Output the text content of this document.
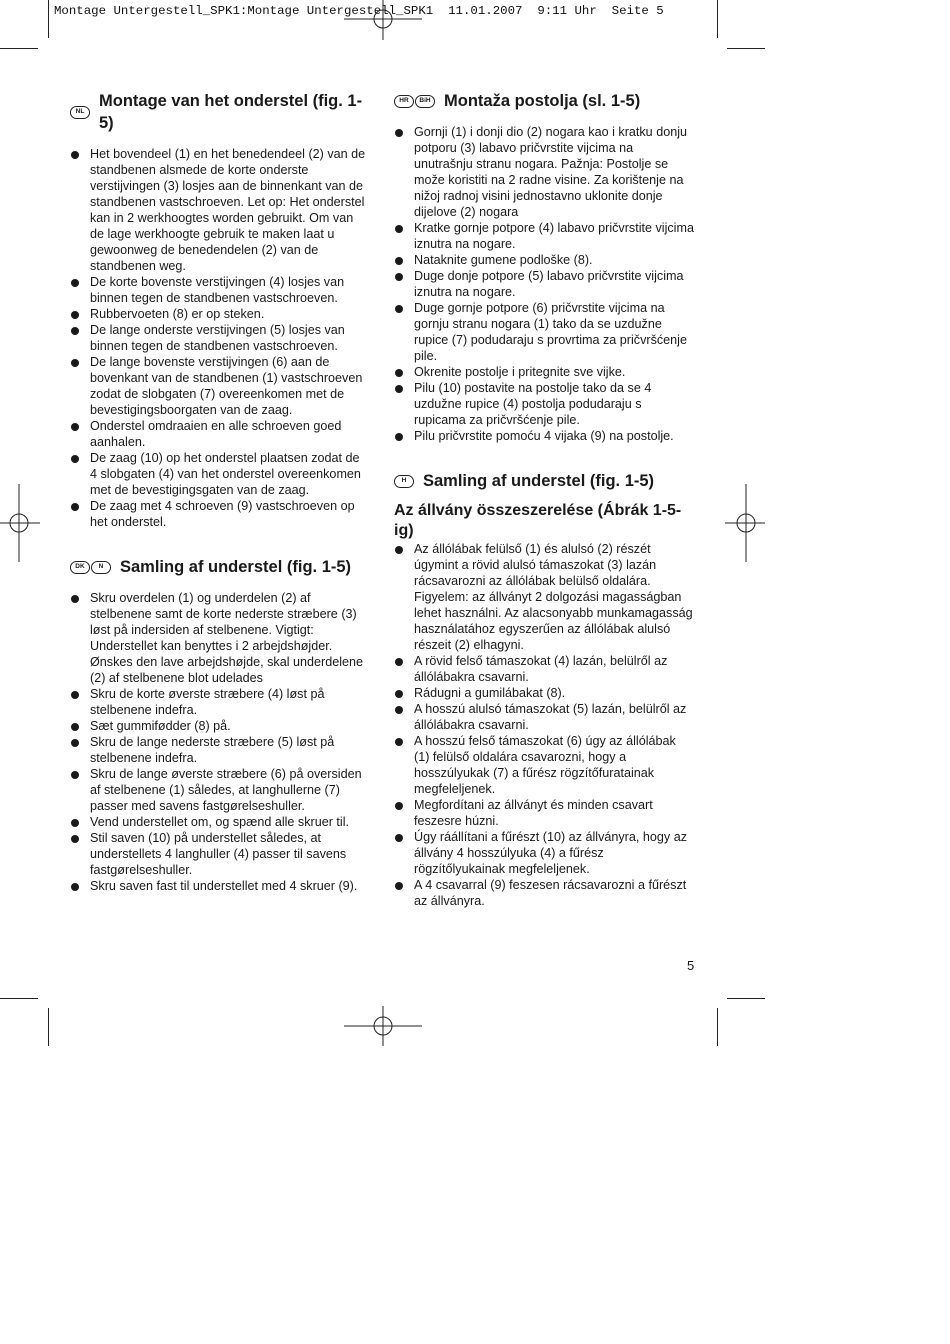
Montage Untergestell_SPK1:Montage Untergestell_SPK1  11.01.2007  9:11 Uhr  Seite 5
NL
Montage van het onderstel (fig. 1-5)
Het bovendeel (1) en het benedendeel (2) van de standbenen alsmede de korte onderste verstijvingen (3) losjes aan de binnenkant van de standbenen vastschroeven. Let op: Het onderstel kan in 2 werkhoogtes worden gebruikt. Om van de lage werkhoogte gebruik te maken laat u gewoonweg de benedendelen (2) van de standbenen weg.
De korte bovenste verstijvingen (4) losjes van binnen tegen de standbenen vastschroeven.
Rubbervoeten (8) er op steken.
De lange onderste verstijvingen (5) losjes van binnen tegen de standbenen vastschroeven.
De lange bovenste verstijvingen (6) aan de bovenkant van de standbenen (1) vastschroeven zodat de slobgaten (7) overeenkomen met de bevestigingsboorgaten van de zaag.
Onderstel omdraaien en alle schroeven goed aanhalen.
De zaag (10) op het onderstel plaatsen zodat de 4 slobgaten (4) van het onderstel overeenkomen met de bevestigingsgaten van de zaag.
De zaag met 4 schroeven (9) vastschroeven op het onderstel.
DK	N	Samling af understel (fig. 1-5)
Skru overdelen (1) og underdelen (2) af stelbenene samt de korte nederste stræbere (3) løst på indersiden af stelbenene. Vigtigt: Understellet kan benyttes i 2 arbejdshøjder. Ønskes den lave arbejdshøjde, skal underdelene (2) af stelbenene blot udelades
Skru de korte øverste stræbere (4) løst på stelbenene indefra.
Sæt gummifødder (8) på.
Skru de lange nederste stræbere (5) løst på stelbenene indefra.
Skru de lange øverste stræbere (6) på oversiden af stelbenene (1) således, at langhullerne (7) passer med savens fastgørelseshuller.
Vend understellet om, og spænd alle skruer til.
Stil saven (10) på understellet således, at understellets 4 langhuller (4) passer til savens fastgørelseshuller.
Skru saven fast til understellet med 4 skruer (9).
HR	BiH Montaža postolja (sl. 1-5)
Gornji (1) i donji dio (2) nogara kao i kratku donju potporu (3) labavo pričvrstite vijcima na unutrašnju stranu nogara. Pažnja: Postolje se može koristiti na 2 radne visine. Za korištenje na nižoj radnoj visini jednostavno uklonite donje dijelove (2) nogara
Kratke gornje potpore (4) labavo pričvrstite vijcima iznutra na nogare.
Nataknite gumene podloške (8).
Duge donje potpore (5) labavo pričvrstite vijcima iznutra na nogare.
Duge gornje potpore (6) pričvrstite vijcima na gornju stranu nogara (1) tako da se uzdužne rupice (7) podudaraju s provrtima za pričvršćenje pile.
Okrenite postolje i pritegnite sve vijke.
Pilu (10) postavite na postolje tako da se 4 uzdužne rupice (4) postolja podudaraju s rupicama za pričvršćenje pile.
Pilu pričvrstite pomoću 4 vijaka (9) na postolje.
H	Samling af understel (fig. 1-5)
Az állvány összeszerelése (Ábrák 1-5-ig)
Az állólábak felülső (1) és alulsó (2) részét úgymint a rövid alulsó támaszokat (3) lazán rácsavarozni az állólábak belülső oldalára. Figyelem: az állványt 2 dolgozási magasságban lehet használni. Az alacsonyabb munkamagasság használatához egyszerűen az állólábak alulsó részeit (2) elhagyni.
A rövid felső támaszokat (4) lazán, belülről az állólábakra csavarni.
Rádugni a gumilábakat (8).
A hosszú alulsó támaszokat (5) lazán, belülről az állólábakra csavarni.
A hosszú felső támaszokat (6) úgy az állólábak (1) felülső oldalára csavarozni, hogy a hosszúlyukak (7) a fűrész rögzítőfuratainak megfeleljenek.
Megfordítani az állványt és minden csavart feszesre húzni.
Úgy ráállítani a fűrészt (10) az állványra, hogy az állvány 4 hosszúlyuka (4) a fűrész rögzítőlyukainak megfeleljenek.
A 4 csavarral (9) feszesen rácsavarozni a fűrészt az állványra.
5
